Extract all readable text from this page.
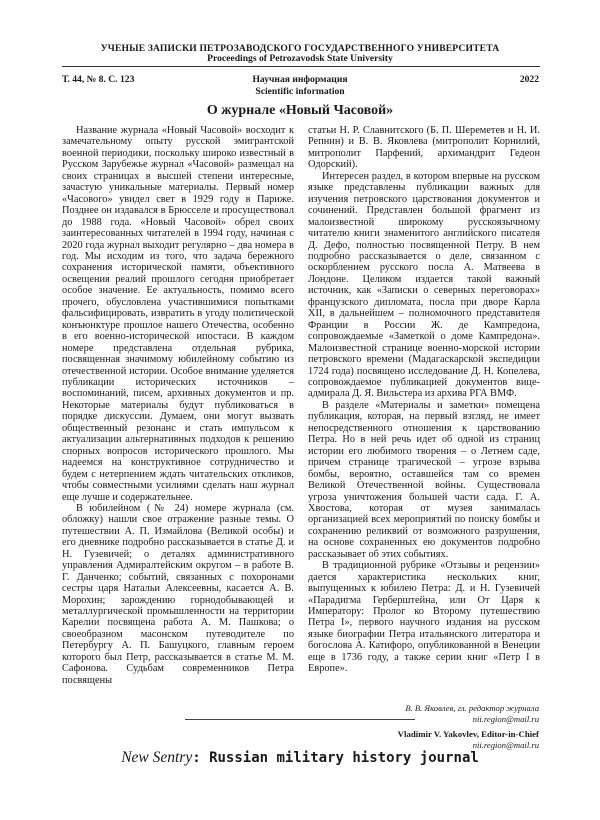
УЧЕНЫЕ ЗАПИСКИ ПЕТРОЗАВОДСКОГО ГОСУДАРСТВЕННОГО УНИВЕРСИТЕТА
Proceedings of Petrozavodsk State University
Т. 44, № 8. С. 123	Научная информация
Scientific information
2022
О журнале «Новый Часовой»

Название журнала «Новый Часовой» восходит к замечательному опыту русской эмигрантской военной периодики, поскольку широко известный в Русском Зарубежье журнал «Часовой» размещал на своих страницах в высшей степени интересные, зачастую уникальные материалы. Первый номер «Часового» увидел свет в 1929 году в Париже. Позднее он издавался в Брюсселе и просуществовал до 1988 года. «Новый Часовой» обрел своих заинтересованных читателей в 1994 году, начиная с 2020 года журнал выходит регулярно – два номера в год. Мы исходим из того, что задача бережного сохранения исторической памяти, объективного освещения реалий прошлого сегодня приобретает особое значение. Ее актуальность, помимо всего прочего, обусловлена участившимися попытками фальсифицировать, извратить в угоду политической конъюнктуре прошлое нашего Отечества, особенно в его военно-исторической ипостаси. В каждом номере представлена отдельная рубрика, посвященная значимому юбилейному событию из отечественной истории. Особое внимание уделяется публикации исторических источников – воспоминаний, писем, архивных документов и пр. Некоторые материалы будут публиковаться в порядке дискуссии. Думаем, они могут вызвать общественный резонанс и стать импульсом к актуализации альтернативных подходов к решению спорных вопросов исторического прошлого. Мы надеемся на конструктивное сотрудничество и будем с нетерпением ждать читательских откликов, чтобы совместными усилиями сделать наш журнал еще лучше и содержательнее.

В юбилейном (№ 24) номере журнала (см. обложку) нашли свое отражение разные темы. О путешествии А. П. Измайлова (Великой особы) и его дневнике подробно рассказывается в статье Д. и Н. Гузевичей; о деталях административного управления Адмиралтейским округом – в работе В. Г. Данченко; событий, связанных с похоронами сестры царя Натальи Алексеевны, касается А. В. Морохин; зарождению горнодобывающей и металлургической промышленности на территории Карелии посвящена работа А. М. Пашкова; о своеобразном масонском путеводителе по Петербургу А. П. Башуцкого, главным героем которого был Петр, рассказывается в статье М. М. Сафонова. Судьбам современников Петра посвящены

статьи Н. Р. Славнитского (Б. П. Шереметев и Н. И. Репнин) и В. В. Яковлева (митрополит Корнилий, митрополит Парфений, архимандрит Гедеон Одорский).

Интересен раздел, в котором впервые на русском языке представлены публикации важных для изучения петровского царствования документов и сочинений. Представлен большой фрагмент из малоизвестной широкому русскоязычному читателю книги знаменитого английского писателя Д. Дефо, полностью посвященной Петру. В нем подробно рассказывается о деле, связанном с оскорблением русского посла А. Матвеева в Лондоне. Целиком издается такой важный источник, как «Записки о северных переговорах» французского дипломата, посла при дворе Карла XII, в дальнейшем – полномочного представителя Франции в России Ж. де Кампредона, сопровождаемые «Заметкой о доме Кампредона». Малоизвестной странице военно-морской истории петровского времени (Мадагаскарской экспедиции 1724 года) посвящено исследование Д. Н. Копелева, сопровождаемое публикацией документов вице-адмирала Д. Я. Вильстера из архива РГА ВМФ.

В разделе «Материалы и заметки» помещена публикация, которая, на первый взгляд, не имеет непосредственного отношения к царствованию Петра. Но в ней речь идет об одной из страниц истории его любимого творения – о Летнем саде, причем странице трагической – угрозе взрыва бомбы, вероятно, оставшейся там со времен Великой Отечественной войны. Существовала угроза уничтожения большей части сада. Г. А. Хвостова, которая от музея занималась организацией всех мероприятий по поиску бомбы и сохранению реликвий от возможного разрушения, на основе сохраненных ею документов подробно рассказывает об этих событиях.

В традиционной рубрике «Отзывы и рецензии» дается характеристика нескольких книг, выпущенных к юбилею Петра: Д. и Н. Гузевичей «Парадигма Герберштейна, или От Царя к Императору: Пролог ко Второму путешествию Петра I», первого научного издания на русском языке биографии Петра итальянского литератора и богослова А. Катифоро, опубликованной в Венеции еще в 1736 году, а также серии книг «Петр I в Европе».

В. В. Яковлев, гл. редактор журнала
nii.region@mail.ru
Vladimir V. Yakovlev, Editor-in-Chief
nii.region@mail.ru
New Sentry: Russian military history journal
